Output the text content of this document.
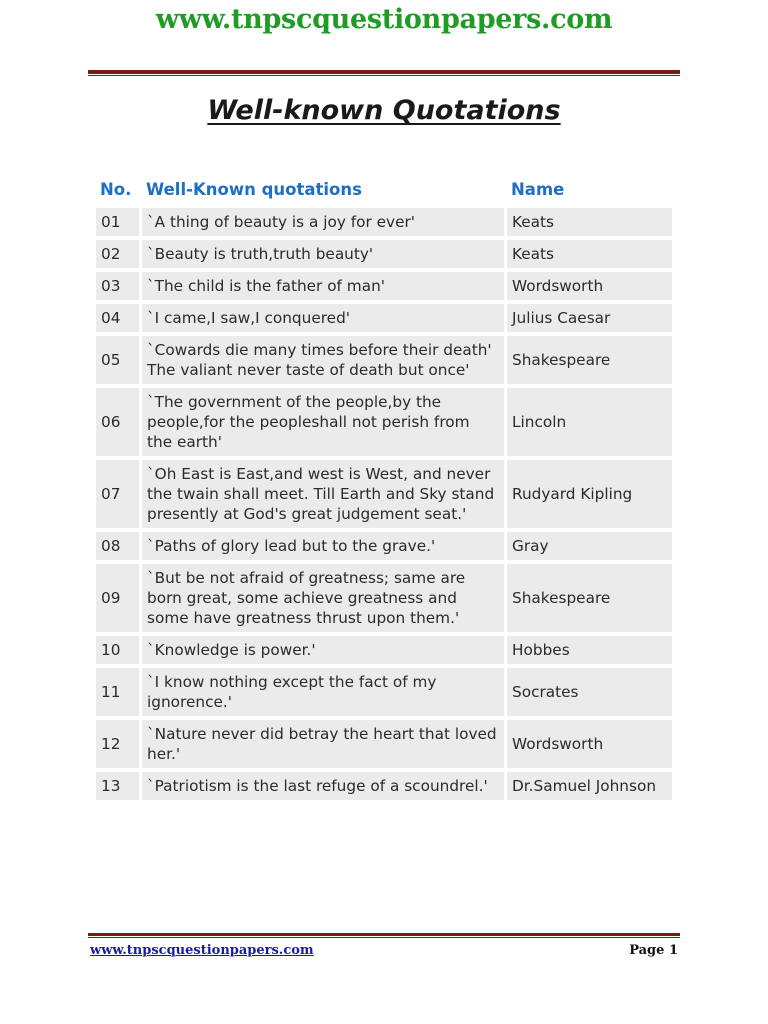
www.tnpscquestionpapers.com
Well-known Quotations
No.	Well-Known quotations	Name
01	`A thing of beauty is a joy for ever'	Keats
02	`Beauty is truth,truth beauty'	Keats
03	`The child is the father of man'	Wordsworth
04	`I came,I saw,I conquered'	Julius Caesar
05	`Cowards die many times before their death' The valiant never taste of death but once'	Shakespeare
06	`The government of the people,by the people,for the peopleshall not perish from the earth'	Lincoln
07	`Oh East is East,and west is West, and never the twain shall meet. Till Earth and Sky stand presently at God's great judgement seat.'	Rudyard Kipling
08	`Paths of glory lead but to the grave.'	Gray
09	`But be not afraid of greatness; same are born great, some achieve greatness and some have greatness thrust upon them.'	Shakespeare
10	`Knowledge is power.'	Hobbes
11	`I know nothing except the fact of my ignorence.'	Socrates
12	`Nature never did betray the heart that loved her.'	Wordsworth
13	`Patriotism is the last refuge of a scoundrel.'	Dr.Samuel Johnson
www.tnpscquestionpapers.com	Page 1
